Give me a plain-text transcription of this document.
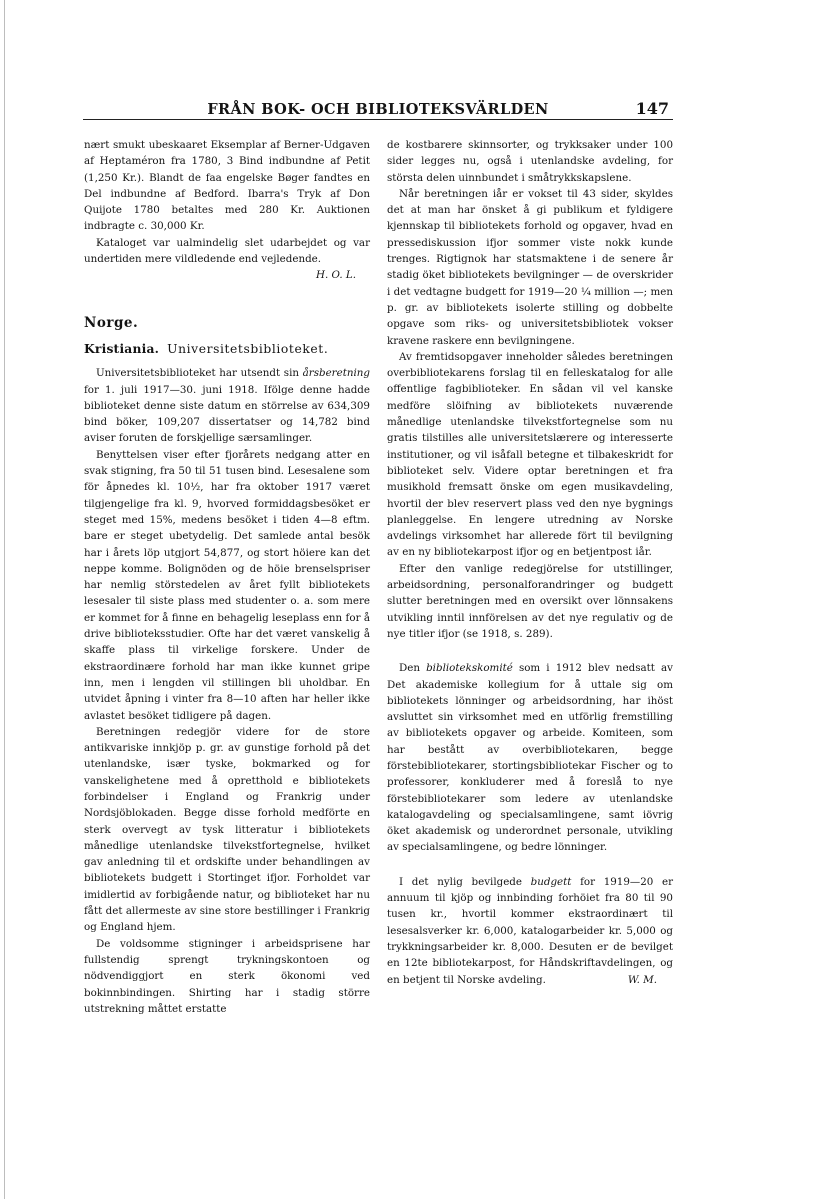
FRÅN BOK- OCH BIBLIOTEKSVÄRLDEN	147

nært smukt ubeskaaret Eksemplar af Berner-Udgaven af Heptaméron fra 1780, 3 Bind indbundne af Petit (1,250 Kr.). Blandt de faa engelske Bøger fandtes en Del indbundne af Bedford. Ibarra's Tryk af Don Quijote 1780 betaltes med 280 Kr. Auktionen indbragte c. 30,000 Kr.

Kataloget var ualmindelig slet udarbejdet og var undertiden mere vildledende end vejledende.

H. O. L.

Norge.
Kristiania. Universitetsbiblioteket.

Universitetsbiblioteket har utsendt sin årsberetning for 1. juli 1917—30. juni 1918. Ifölge denne hadde biblioteket denne siste datum en störrelse av 634,309 bind böker, 109,207 dissertatser og 14,782 bind aviser foruten de forskjellige særsamlinger.

Benyttelsen viser efter fjorårets nedgang atter en svak stigning, fra 50 til 51 tusen bind. Lesesalene som för åpnedes kl. 10½, har fra oktober 1917 været tilgjengelige fra kl. 9, hvorved formiddagsbesöket er steget med 15%, medens besöket i tiden 4—8 eftm. bare er steget ubetydelig. Det samlede antal besök har i årets löp utgjort 54,877, og stort höiere kan det neppe komme. Bolignöden og de höie brenselspriser har nemlig störstedelen av året fyllt bibliotekets lesesaler til siste plass med studenter o. a. som mere er kommet for å finne en behagelig leseplass enn for å drive biblioteksstudier. Ofte har det været vanskelig å skaffe plass til virkelige forskere. Under de ekstraordinære forhold har man ikke kunnet gripe inn, men i lengden vil stillingen bli uholdbar. En utvidet åpning i vinter fra 8—10 aften har heller ikke avlastet besöket tidligere på dagen.

Beretningen redegjör videre for de store antikvariske innkjöp p. gr. av gunstige forhold på det utenlandske, især tyske, bokmarked og for vanskelighetene med å opretthold e bibliotekets forbindelser i England og Frankrig under Nordsjöblokaden. Begge disse forhold medförte en sterk overvegt av tysk litteratur i bibliotekets månedlige utenlandske tilvekstfortegnelse, hvilket gav anledning til et ordskifte under behandlingen av bibliotekets budgett i Stortinget ifjor. Forholdet var imidlertid av forbigående natur, og biblioteket har nu fått det allermeste av sine store bestillinger i Frankrig og England hjem.

De voldsomme stigninger i arbeidsprisene har fullstendig sprengt trykningskontoen og nödvendiggjort en sterk ökonomi ved bokinnbindingen. Shirting har i stadig större utstrekning måttet erstatte

de kostbarere skinnsorter, og trykksaker under 100 sider legges nu, også i utenlandske avdeling, for största delen uinnbundet i småtrykkskapslene.

Når beretningen iår er vokset til 43 sider, skyldes det at man har önsket å gi publikum et fyldigere kjennskap til bibliotekets forhold og opgaver, hvad en pressediskussion ifjor sommer viste nokk kunde trenges. Rigtignok har statsmaktene i de senere år stadig öket bibliotekets bevilgninger — de overskrider i det vedtagne budgett for 1919—20 ¼ million —; men p. gr. av bibliotekets isolerte stilling og dobbelte opgave som riks- og universitetsbibliotek vokser kravene raskere enn bevilgningene.

Av fremtidsopgaver inneholder således beretningen overbibliotekarens forslag til en felleskatalog for alle offentlige fagbiblioteker. En sådan vil vel kanske medföre slöifning av bibliotekets nuværende månedlige utenlandske tilvekstfortegnelse som nu gratis tilstilles alle universitetslærere og interesserte institutioner, og vil isåfall betegne et tilbakeskridt for biblioteket selv. Videre optar beretningen et fra musikhold fremsatt önske om egen musikavdeling, hvortil der blev reservert plass ved den nye bygnings planleggelse. En lengere utredning av Norske avdelings virksomhet har allerede fört til bevilgning av en ny bibliotekarpost ifjor og en betjentpost iår.

Efter den vanlige redegjörelse for utstillinger, arbeidsordning, personalforandringer og budgett slutter beretningen med en oversikt over lönnsakens utvikling inntil innförelsen av det nye regulativ og de nye titler ifjor (se 1918, s. 289).

Den bibliotekskomité som i 1912 blev nedsatt av Det akademiske kollegium for å uttale sig om bibliotekets lönninger og arbeidsordning, har ihöst avsluttet sin virksomhet med en utförlig fremstilling av bibliotekets opgaver og arbeide. Komiteen, som har bestått av overbibliotekaren, begge förstebibliotekarer, stortingsbibliotekar Fischer og to professorer, konkluderer med å foreslå to nye förstebibliotekarer som ledere av utenlandske katalogavdeling og specialsamlingene, samt iövrig öket akademisk og underordnet personale, utvikling av specialsamlingene, og bedre lönninger.

I det nylig bevilgede budgett for 1919—20 er annuum til kjöp og innbinding forhöiet fra 80 til 90 tusen kr., hvortil kommer ekstraordinært til lesesalsverker kr. 6,000, katalogarbeider kr. 5,000 og trykkningsarbeider kr. 8,000. Desuten er de bevilget en 12te bibliotekarpost, for Håndskriftavdelingen, og en betjent til Norske avdeling.	W. M.
